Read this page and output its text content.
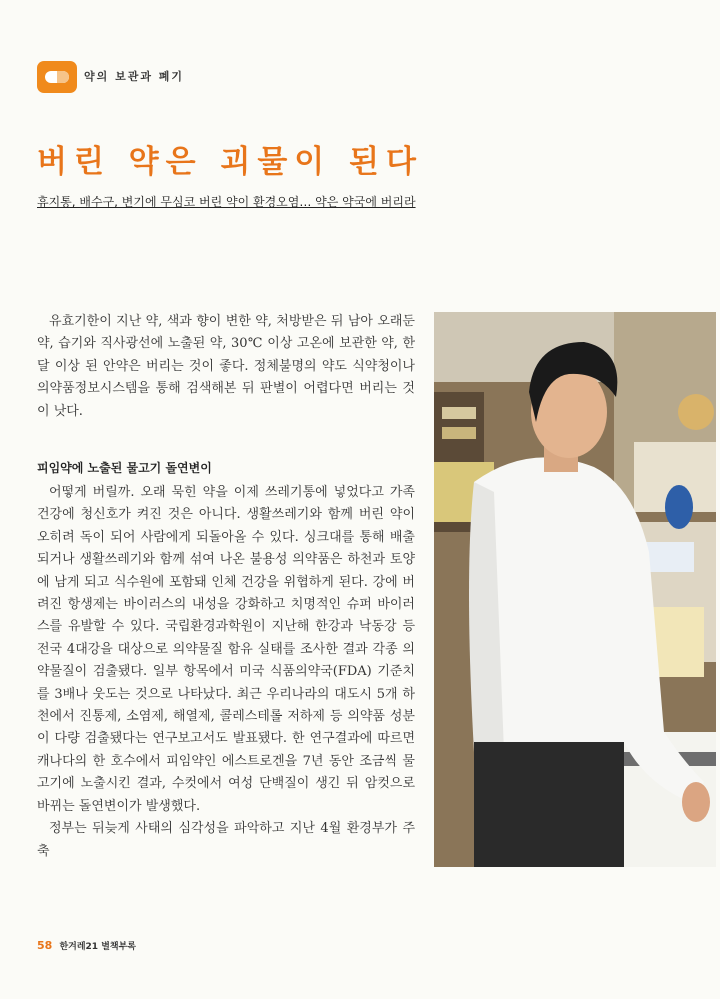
약의 보관과 폐기
버린 약은 괴물이 된다
휴지통, 배수구, 변기에 무심코 버린 약이 환경오염… 약은 약국에 버리라

유효기한이 지난 약, 색과 향이 변한 약, 처방받은 뒤 남아 오래둔 약, 습기와 직사광선에 노출된 약, 30℃ 이상 고온에 보관한 약, 한 달 이상 된 안약은 버리는 것이 좋다. 정체불명의 약도 식약청이나 의약품정보시스템을 통해 검색해본 뒤 판별이 어렵다면 버리는 것이 낫다.

피임약에 노출된 물고기 돌연변이

어떻게 버릴까. 오래 묵힌 약을 이제 쓰레기통에 넣었다고 가족 건강에 청신호가 켜진 것은 아니다. 생활쓰레기와 함께 버린 약이 오히려 독이 되어 사람에게 되돌아올 수 있다. 싱크대를 통해 배출되거나 생활쓰레기와 함께 섞여 나온 불용성 의약품은 하천과 토양에 남게 되고 식수원에 포함돼 인체 건강을 위협하게 된다. 강에 버려진 항생제는 바이러스의 내성을 강화하고 치명적인 슈퍼 바이러스를 유발할 수 있다. 국립환경과학원이 지난해 한강과 낙동강 등 전국 4대강을 대상으로 의약물질 함유 실태를 조사한 결과 각종 의약물질이 검출됐다. 일부 항목에서 미국 식품의약국(FDA) 기준치를 3배나 웃도는 것으로 나타났다. 최근 우리나라의 대도시 5개 하천에서 진통제, 소염제, 해열제, 콜레스테롤 저하제 등 의약품 성분이 다량 검출됐다는 연구보고서도 발표됐다. 한 연구결과에 따르면 캐나다의 한 호수에서 피임약인 에스트로겐을 7년 동안 조금씩 물고기에 노출시킨 결과, 수컷에서 여성 단백질이 생긴 뒤 암컷으로 바뀌는 돌연변이가 발생했다.

정부는 뒤늦게 사태의 심각성을 파악하고 지난 4월 환경부가 주축

58 한겨레21 별책부록
